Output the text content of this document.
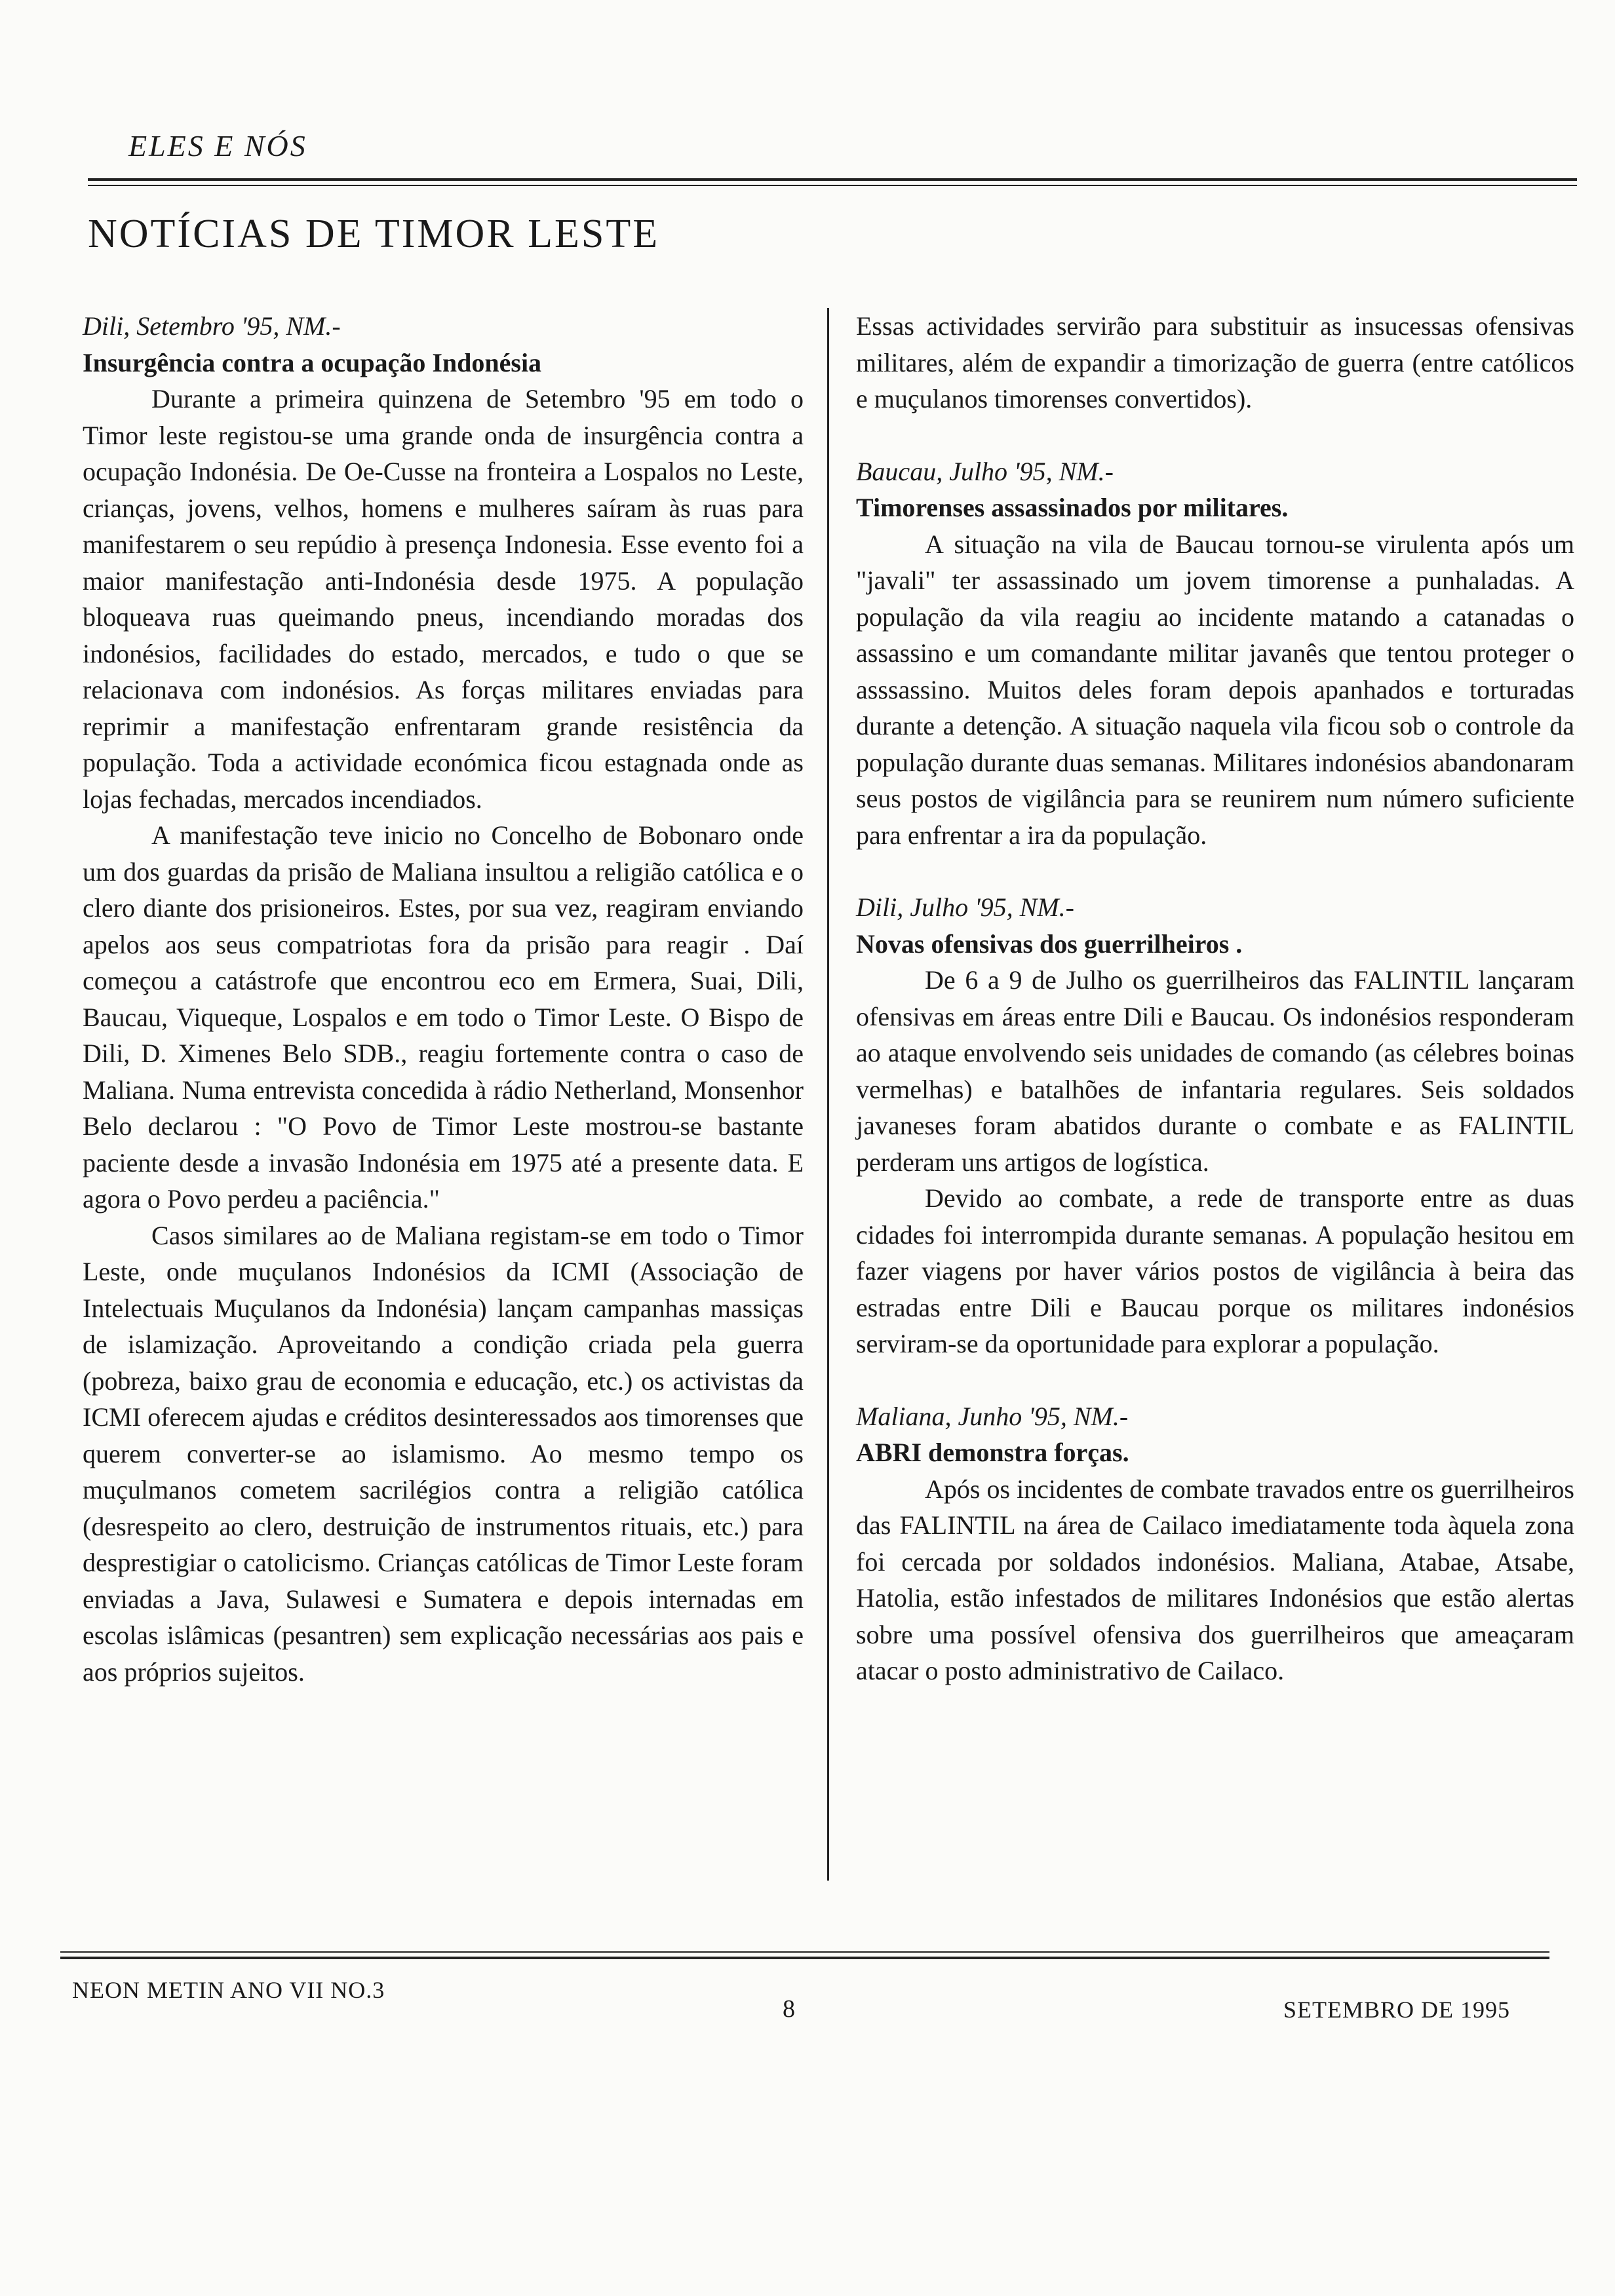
ELES E NÓS
NOTÍCIAS DE TIMOR LESTE

Dili, Setembro '95, NM.-

Insurgência contra a ocupação Indonésia

Durante a primeira quinzena de Setembro '95 em todo o Timor leste registou-se uma grande onda de insurgência contra a ocupação Indonésia. De Oe-Cusse na fronteira a Lospalos no Leste, crianças, jovens, velhos, homens e mulheres saíram às ruas para manifestarem o seu repúdio à presença Indonesia. Esse evento foi a maior manifestação anti-Indonésia desde 1975. A população bloqueava ruas queimando pneus, incendiando moradas dos indonésios, facilidades do estado, mercados, e tudo o que se relacionava com indonésios. As forças militares enviadas para reprimir a manifestação enfrentaram grande resistência da população. Toda a actividade económica ficou estagnada onde as lojas fechadas, mercados incendiados.

A manifestação teve inicio no Concelho de Bobonaro onde um dos guardas da prisão de Maliana insultou a religião católica e o clero diante dos prisioneiros. Estes, por sua vez, reagiram enviando apelos aos seus compatriotas fora da prisão para reagir . Daí começou a catástrofe que encontrou eco em Ermera, Suai, Dili, Baucau, Viqueque, Lospalos e em todo o Timor Leste. O Bispo de Dili, D. Ximenes Belo SDB., reagiu fortemente contra o caso de Maliana. Numa entrevista concedida à rádio Netherland, Monsenhor Belo declarou : "O Povo de Timor Leste mostrou-se bastante paciente desde a invasão Indonésia em 1975 até a presente data. E agora o Povo perdeu a paciência."

Casos similares ao de Maliana registam-se em todo o Timor Leste, onde muçulanos Indonésios da ICMI (Associação de Intelectuais Muçulanos da Indonésia) lançam campanhas massiças de islamização. Aproveitando a condição criada pela guerra (pobreza, baixo grau de economia e educação, etc.) os activistas da ICMI oferecem ajudas e créditos desinteressados aos timorenses que querem converter-se ao islamismo. Ao mesmo tempo os muçulmanos cometem sacrilégios contra a religião católica (desrespeito ao clero, destruição de instrumentos rituais, etc.) para desprestigiar o catolicismo. Crianças católicas de Timor Leste foram enviadas a Java, Sulawesi e Sumatera e depois internadas em escolas islâmicas (pesantren) sem explicação necessárias aos pais e aos próprios sujeitos.

Essas actividades servirão para substituir as insucessas ofensivas militares, além de expandir a timorização de guerra (entre católicos e muçulanos timorenses convertidos).

Baucau, Julho '95, NM.-

Timorenses assassinados por militares.

A situação na vila de Baucau tornou-se virulenta após um "javali" ter assassinado um jovem timorense a punhaladas. A população da vila reagiu ao incidente matando a catanadas o assassino e um comandante militar javanês que tentou proteger o asssassino. Muitos deles foram depois apanhados e torturadas durante a detenção. A situação naquela vila ficou sob o controle da população durante duas semanas. Militares indonésios abandonaram seus postos de vigilância para se reunirem num número suficiente para enfrentar a ira da população.

Dili, Julho '95, NM.-

Novas ofensivas dos guerrilheiros .

De 6 a 9 de Julho os guerrilheiros das FALINTIL lançaram ofensivas em áreas entre Dili e Baucau. Os indonésios responderam ao ataque envolvendo seis unidades de comando (as célebres boinas vermelhas) e batalhões de infantaria regulares. Seis soldados javaneses foram abatidos durante o combate e as FALINTIL perderam uns artigos de logística.

Devido ao combate, a rede de transporte entre as duas cidades foi interrompida durante semanas. A população hesitou em fazer viagens por haver vários postos de vigilância à beira das estradas entre Dili e Baucau porque os militares indonésios serviram-se da oportunidade para explorar a população.

Maliana, Junho '95, NM.-

ABRI demonstra forças.

Após os incidentes de combate travados entre os guerrilheiros das FALINTIL na área de Cailaco imediatamente toda àquela zona foi cercada por soldados indonésios. Maliana, Atabae, Atsabe, Hatolia, estão infestados de militares Indonésios que estão alertas sobre uma possível ofensiva dos guerrilheiros que ameaçaram atacar o posto administrativo de Cailaco.

NEON METIN ANO VII NO.3
8	SETEMBRO DE 1995
